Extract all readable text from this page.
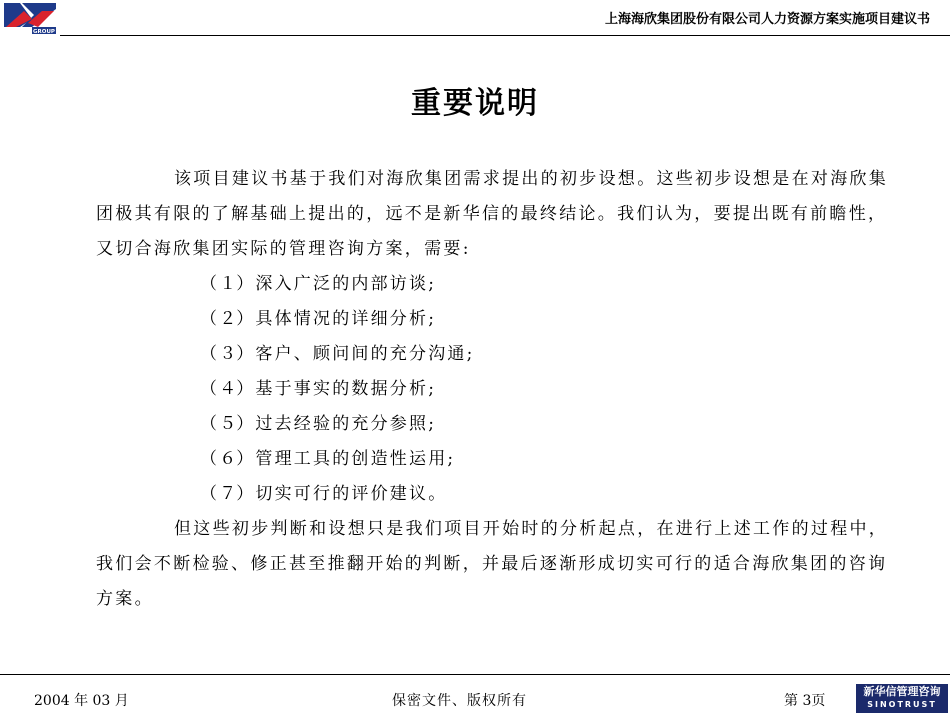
GROUP
上海海欣集团股份有限公司人力资源方案实施项目建议书
重要说明

该项目建议书基于我们对海欣集团需求提出的初步设想。这些初步设想是在对海欣集团极其有限的了解基础上提出的，远不是新华信的最终结论。我们认为，要提出既有前瞻性，又切合海欣集团实际的管理咨询方案，需要:

（１）深入广泛的内部访谈;
（２）具体情况的详细分析;
（３）客户、顾问间的充分沟通;
（４）基于事实的数据分析;
（５）过去经验的充分参照;
（６）管理工具的创造性运用;
（７）切实可行的评价建议。

但这些初步判断和设想只是我们项目开始时的分析起点，在进行上述工作的过程中，我们会不断检验、修正甚至推翻开始的判断，并最后逐渐形成切实可行的适合海欣集团的咨询方案。

2004 年 03 月	保密文件、版权所有	第 3页
新华信管理咨询
SINOTRUST
